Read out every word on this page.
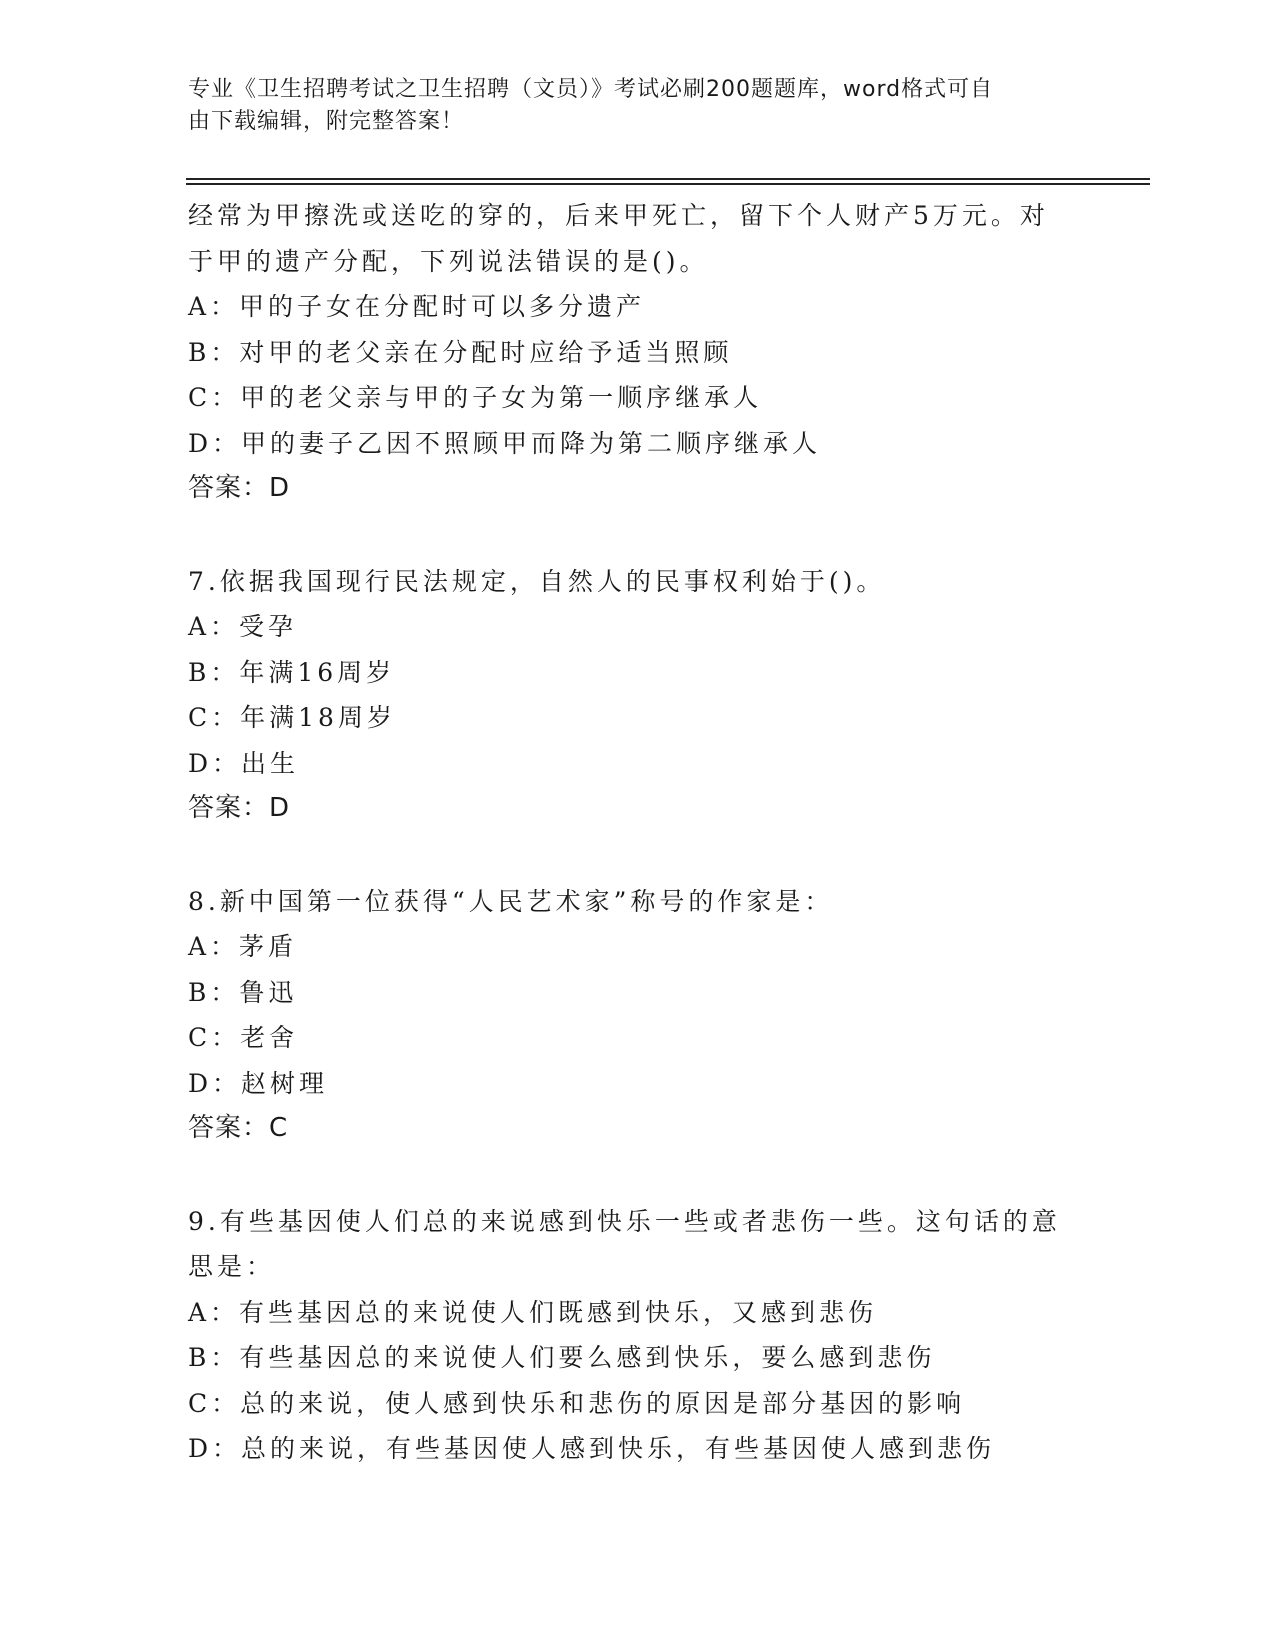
专业《卫生招聘考试之卫生招聘（文员）》考试必刷200题题库，word格式可自
由下载编辑，附完整答案！
经常为甲擦洗或送吃的穿的，后来甲死亡，留下个人财产5万元。对
于甲的遗产分配，下列说法错误的是()。
A：甲的子女在分配时可以多分遗产
B：对甲的老父亲在分配时应给予适当照顾
C：甲的老父亲与甲的子女为第一顺序继承人
D：甲的妻子乙因不照顾甲而降为第二顺序继承人
答案：D
7.依据我国现行民法规定，自然人的民事权利始于()。
A：受孕
B：年满16周岁
C：年满18周岁
D：出生
答案：D
8.新中国第一位获得“人民艺术家”称号的作家是：
A：茅盾
B：鲁迅
C：老舍
D：赵树理
答案：C
9.有些基因使人们总的来说感到快乐一些或者悲伤一些。这句话的意
思是：
A：有些基因总的来说使人们既感到快乐，又感到悲伤
B：有些基因总的来说使人们要么感到快乐，要么感到悲伤
C：总的来说，使人感到快乐和悲伤的原因是部分基因的影响
D：总的来说，有些基因使人感到快乐，有些基因使人感到悲伤
